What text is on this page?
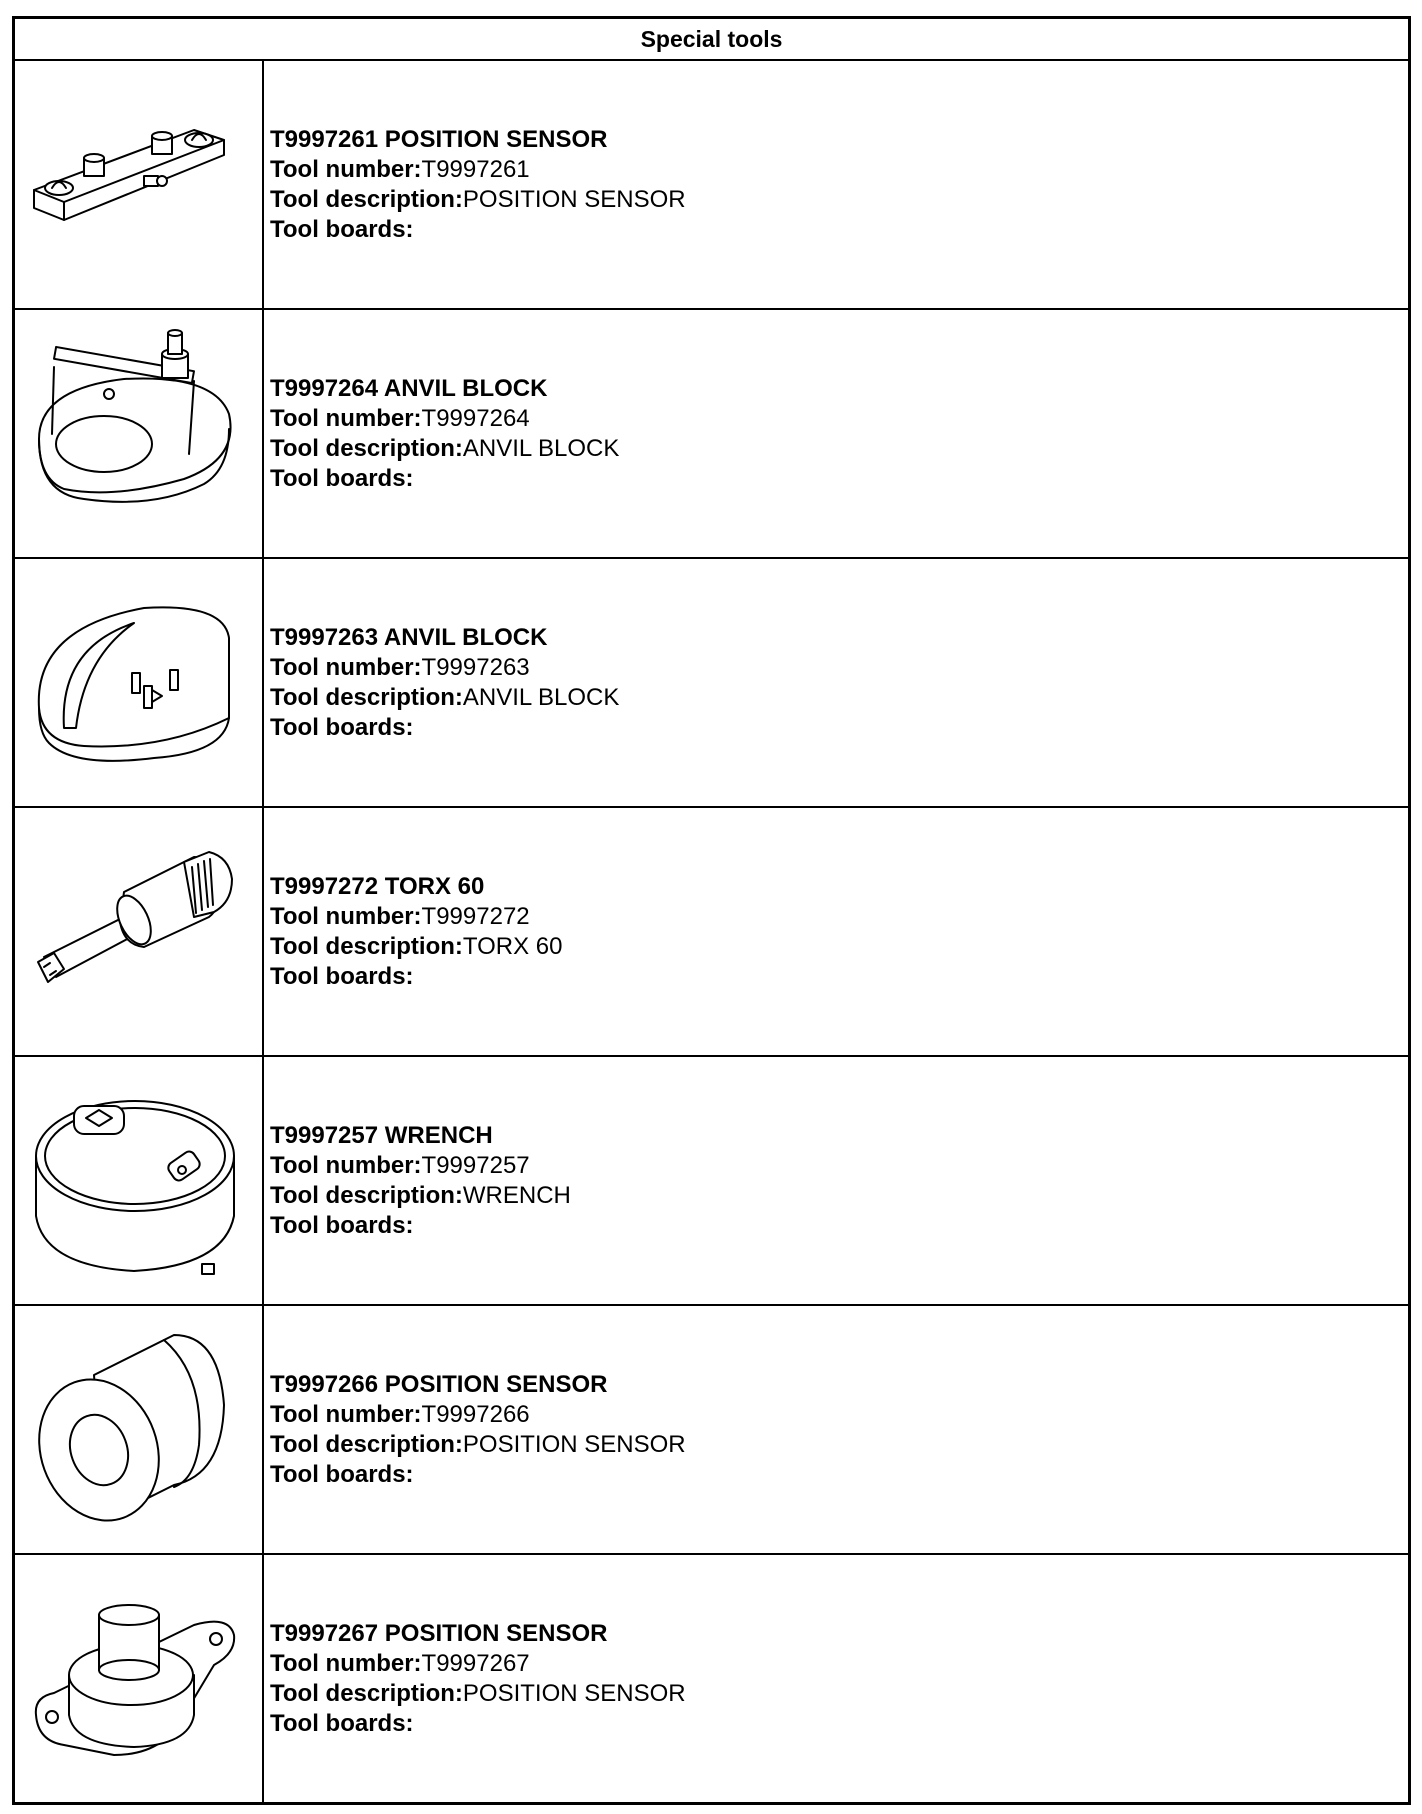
Special tools
T9997261 POSITION SENSOR
Tool number:T9997261
Tool description:POSITION SENSOR
Tool boards:
T9997264 ANVIL BLOCK
Tool number:T9997264
Tool description:ANVIL BLOCK
Tool boards:
T9997263 ANVIL BLOCK
Tool number:T9997263
Tool description:ANVIL BLOCK
Tool boards:
T9997272 TORX 60
Tool number:T9997272
Tool description:TORX 60
Tool boards:
T9997257 WRENCH
Tool number:T9997257
Tool description:WRENCH
Tool boards:
T9997266 POSITION SENSOR
Tool number:T9997266
Tool description:POSITION SENSOR
Tool boards:
T9997267 POSITION SENSOR
Tool number:T9997267
Tool description:POSITION SENSOR
Tool boards:
